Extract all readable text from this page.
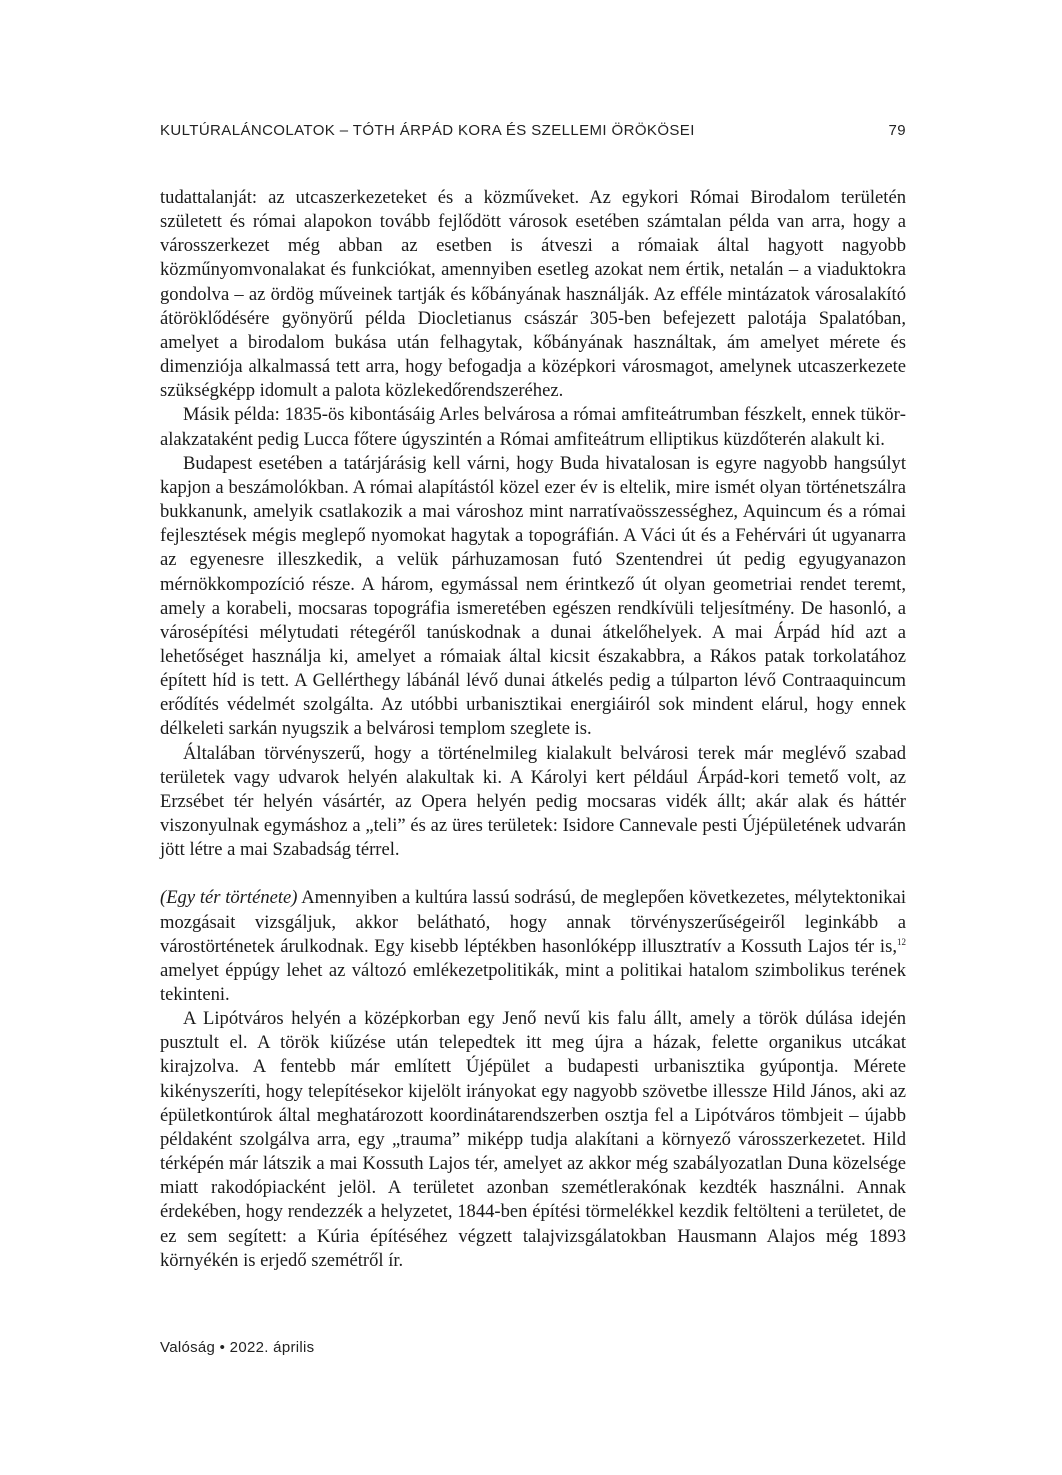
KULTÚRALÁNCOLATOK – TÓTH ÁRPÁD KORA ÉS SZELLEMI ÖRÖKÖSEI	79

tudattalanját: az utcaszerkezeteket és a közműveket. Az egykori Római Birodalom területén született és római alapokon tovább fejlődött városok esetében számtalan példa van arra, hogy a városszerkezet még abban az esetben is átveszi a rómaiak által hagyott nagyobb közműnyomvonalakat és funkciókat, amennyiben esetleg azokat nem értik, netalán – a viaduktokra gondolva – az ördög műveinek tartják és kőbányának használják. Az efféle mintázatok városalakító átöröklődésére gyönyörű példa Diocletianus császár 305-ben befejezett palotája Spalatóban, amelyet a birodalom bukása után felhagytak, kőbányának használtak, ám amelyet mérete és dimenziója alkalmassá tett arra, hogy befogadja a középkori városmagot, amelynek utcaszerkezete szükségképp idomult a palota közlekedőrendszeréhez.

Másik példa: 1835-ös kibontásáig Arles belvárosa a római amfiteátrumban fészkelt, ennek tüköralakzataként pedig Lucca főtere úgyszintén a Római amfiteátrum elliptikus küzdőterén alakult ki.

Budapest esetében a tatárjárásig kell várni, hogy Buda hivatalosan is egyre nagyobb hangsúlyt kapjon a beszámolókban. A római alapítástól közel ezer év is eltelik, mire ismét olyan történetszálra bukkanunk, amelyik csatlakozik a mai városhoz mint narratívaösszességhez, Aquincum és a római fejlesztések mégis meglepő nyomokat hagytak a topográfián. A Váci út és a Fehérvári út ugyanarra az egyenesre illeszkedik, a velük párhuzamosan futó Szentendrei út pedig egyugyanazon mérnökkompozíció része. A három, egymással nem érintkező út olyan geometriai rendet teremt, amely a korabeli, mocsaras topográfia ismeretében egészen rendkívüli teljesítmény. De hasonló, a városépítési mélytudati rétegéről tanúskodnak a dunai átkelőhelyek. A mai Árpád híd azt a lehetőséget használja ki, amelyet a rómaiak által kicsit északabbra, a Rákos patak torkolatához épített híd is tett. A Gellérthegy lábánál lévő dunai átkelés pedig a túlparton lévő Contraaquincum erődítés védelmét szolgálta. Az utóbbi urbanisztikai energiáiról sok mindent elárul, hogy ennek délkeleti sarkán nyugszik a belvárosi templom szeglete is.

Általában törvényszerű, hogy a történelmileg kialakult belvárosi terek már meglévő szabad területek vagy udvarok helyén alakultak ki. A Károlyi kert például Árpád-kori temető volt, az Erzsébet tér helyén vásártér, az Opera helyén pedig mocsaras vidék állt; akár alak és háttér viszonyulnak egymáshoz a „teli” és az üres területek: Isidore Cannevale pesti Újépületének udvarán jött létre a mai Szabadság térrel.

(Egy tér története) Amennyiben a kultúra lassú sodrású, de meglepően következetes, mélytektonikai mozgásait vizsgáljuk, akkor belátható, hogy annak törvényszerűségeiről leginkább a várostörténetek árulkodnak. Egy kisebb léptékben hasonlóképp illusztratív a Kossuth Lajos tér is,$^{12}$ amelyet éppúgy lehet az változó emlékezetpolitikák, mint a politikai hatalom szimbolikus terének tekinteni.

A Lipótváros helyén a középkorban egy Jenő nevű kis falu állt, amely a török dúlása idején pusztult el. A török kiűzése után telepedtek itt meg újra a házak, felette organikus utcákat kirajzolva. A fentebb már említett Újépület a budapesti urbanisztika gyúpontja. Mérete kikényszeríti, hogy telepítésekor kijelölt irányokat egy nagyobb szövetbe illessze Hild János, aki az épületkontúrok által meghatározott koordinátarendszerben osztja fel a Lipótváros tömbjeit – újabb példaként szolgálva arra, egy „trauma” miképp tudja alakítani a környező városszerkezetet. Hild térképén már látszik a mai Kossuth Lajos tér, amelyet az akkor még szabályozatlan Duna közelsége miatt rakodópiacként jelöl. A területet azonban szemétlerakónak kezdték használni. Annak érdekében, hogy rendezzék a helyzetet, 1844-ben építési törmelékkel kezdik feltölteni a területet, de ez sem segített: a Kúria építéséhez végzett talajvizsgálatokban Hausmann Alajos még 1893 környékén is erjedő szemétről ír.

Valóság • 2022. április
